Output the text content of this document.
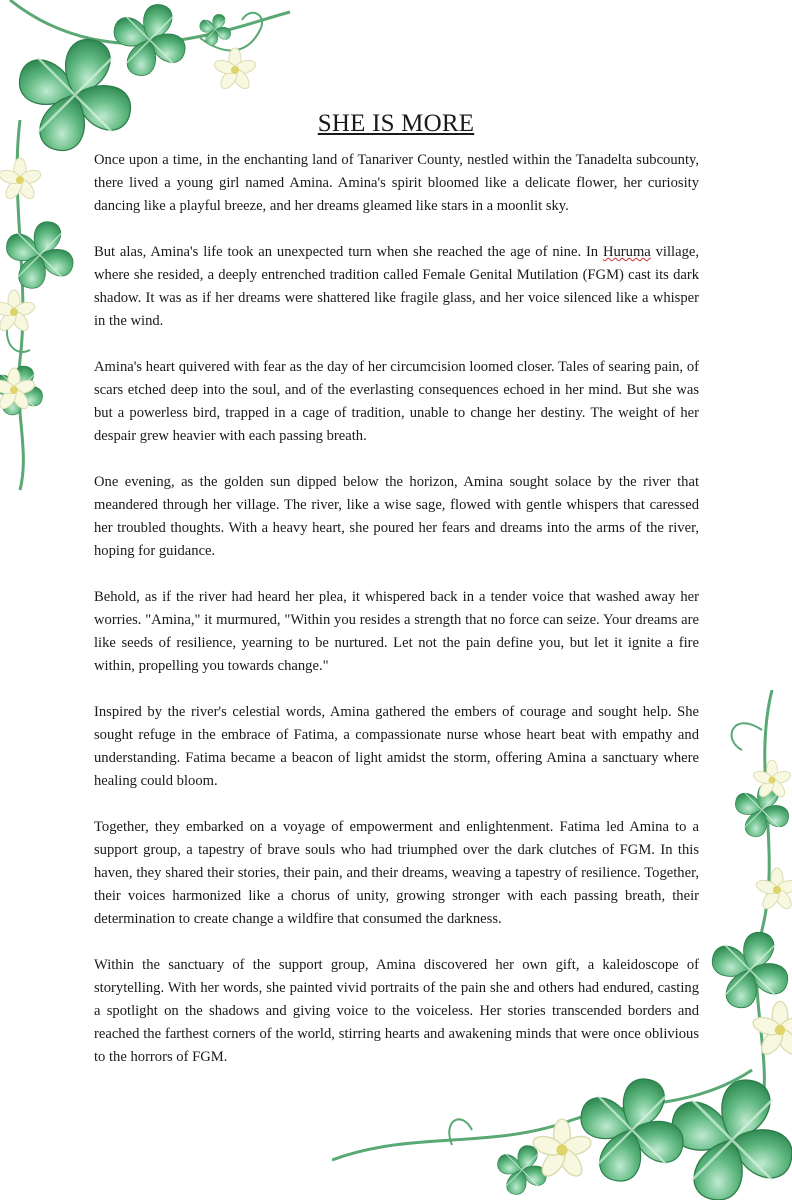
SHE IS MORE

Once upon a time, in the enchanting land of Tanariver County, nestled within the Tanadelta subcounty, there lived a young girl named Amina. Amina's spirit bloomed like a delicate flower, her curiosity dancing like a playful breeze, and her dreams gleamed like stars in a moonlit sky.

But alas, Amina's life took an unexpected turn when she reached the age of nine. In Huruma village, where she resided, a deeply entrenched tradition called Female Genital Mutilation (FGM) cast its dark shadow. It was as if her dreams were shattered like fragile glass, and her voice silenced like a whisper in the wind.

Amina's heart quivered with fear as the day of her circumcision loomed closer. Tales of searing pain, of scars etched deep into the soul, and of the everlasting consequences echoed in her mind. But she was but a powerless bird, trapped in a cage of tradition, unable to change her destiny. The weight of her despair grew heavier with each passing breath.

One evening, as the golden sun dipped below the horizon, Amina sought solace by the river that meandered through her village. The river, like a wise sage, flowed with gentle whispers that caressed her troubled thoughts. With a heavy heart, she poured her fears and dreams into the arms of the river, hoping for guidance.

Behold, as if the river had heard her plea, it whispered back in a tender voice that washed away her worries. "Amina," it murmured, "Within you resides a strength that no force can seize. Your dreams are like seeds of resilience, yearning to be nurtured. Let not the pain define you, but let it ignite a fire within, propelling you towards change."

Inspired by the river's celestial words, Amina gathered the embers of courage and sought help. She sought refuge in the embrace of Fatima, a compassionate nurse whose heart beat with empathy and understanding. Fatima became a beacon of light amidst the storm, offering Amina a sanctuary where healing could bloom.

Together, they embarked on a voyage of empowerment and enlightenment. Fatima led Amina to a support group, a tapestry of brave souls who had triumphed over the dark clutches of FGM. In this haven, they shared their stories, their pain, and their dreams, weaving a tapestry of resilience. Together, their voices harmonized like a chorus of unity, growing stronger with each passing breath, their determination to create change a wildfire that consumed the darkness.

Within the sanctuary of the support group, Amina discovered her own gift, a kaleidoscope of storytelling. With her words, she painted vivid portraits of the pain she and others had endured, casting a spotlight on the shadows and giving voice to the voiceless. Her stories transcended borders and reached the farthest corners of the world, stirring hearts and awakening minds that were once oblivious to the horrors of FGM.
